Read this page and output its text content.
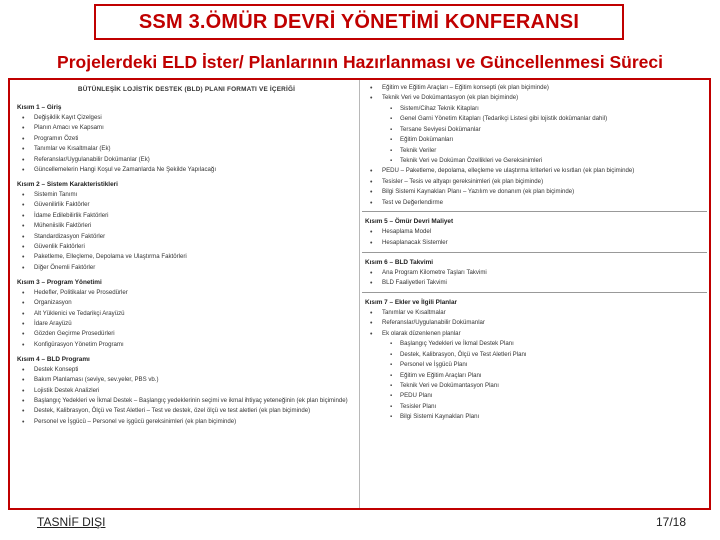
SSM 3.ÖMÜR DEVRİ YÖNETİMİ KONFERANSI
Projelerdeki ELD İster/ Planlarının Hazırlanması ve Güncellenmesi Süreci
BÜTÜNLEŞİK LOJİSTİK DESTEK (BLD) PLANI FORMATI VE İÇERİĞİ
Kısım 1 – Giriş
• Değişiklik Kayıt Çizelgesi
• Planın Amacı ve Kapsamı
• Programın Özeti
• Tanımlar ve Kısaltmalar (Ek)
• Referanslar/Uygulanabilir Dokümanlar (Ek)
• Güncellemelerin Hangi Koşul ve Zamanlarda Ne Şekilde Yapılacağı
Kısım 2 – Sistem Karakteristikleri
• Sistemin Tanımı
• Güvenilirlik Faktörler
• İdame Edilebilirlik Faktörleri
• Müheniislik Faktörleri
• Standardizasyon Faktörler
• Güvenlik Faktörleri
• Paketleme, Elleçleme, Depolama ve Ulaştırma Faktörleri
• Diğer Önemli Faktörler
Kısım 3 – Program Yönetimi
• Hedefler, Politikalar ve Prosedürler
• Organizasyon
• Alt Yüklenici ve Tedarikçi Arayüzü
• İdare Arayüzü
• Gözden Geçirme Prosedürleri
• Konfigürasyon Yönetim Programı
Kısım 4 – BLD Programı
• Destek Konsepti
• Bakım Planlaması (seviye, sev.yeler, PBS vb.)
• Lojistik Destek Analizleri
• Başlangıç Yedekleri ve İkmal Destek – Başlangıç yedeklerinin seçimi ve ikmal ihtiyaç yeteneğinin (ek plan biçiminde)
• Destek, Kalibrasyon, Ölçü ve Test Aletleri – Test ve destek, özel ölçü ve test aletleri (ek plan biçiminde)
• Personel ve İşgücü – Personel ve işgücü gereksinimleri (ek plan biçiminde)
• Eğitim ve Eğitim Araçları – Eğitim konsepti (ek plan biçiminde)
• Teknik Veri ve Dokümantasyon (ek plan biçiminde)
▪ Sistem/Cihaz Teknik Kitapları
▪ Genel Garni Yönetim Kitapları (Tedarikçi Listesi gibi lojistik dokümanlar dahil)
▪ Tersane Seviyesi Dokümanlar
▪ Eğitim Dokümanları
▪ Teknik Veriler
▪ Teknik Veri ve Doküman Özellikleri ve Gereksinimleri
• PEDU – Paketleme, depolama, elleçleme ve ulaştırma kriterleri ve kısıtları (ek plan biçiminde)
• Tesisler – Tesis ve altyapı gereksinimleri (ek plan biçiminde)
• Bilgi Sistemi Kaynakları Planı – Yazılım ve donanım (ek plan biçiminde)
• Test ve Değerlendirme
Kısım 5 – Ömür Devri Maliyet
• Hesaplama Model
• Hesaplanacak Sistemler
Kısım 6 – BLD Takvimi
• Ana Program Kilometre Taşları Takvimi
• BLD Faaliyetleri Takvimi
Kısım 7 – Ekler ve İlgili Planlar
• Tanımlar ve Kısaltmalar
• Referanslar/Uygulanabilir Dokümanlar
• Ek olarak düzenlenen planlar
▪ Başlangıç Yedekleri ve İkmal Destek Planı
▪ Destek, Kalibrasyon, Ölçü ve Test Aletleri Planı
▪ Personel ve İşgücü Planı
▪ Eğitim ve Eğitim Araçları Planı
▪ Teknik Veri ve Dokümantasyon Planı
▪ PEDU Planı
▪ Tesisler Planı
▪ Bilgi Sistemi Kaynakları Planı
TASNİF DIŞI	17/18
